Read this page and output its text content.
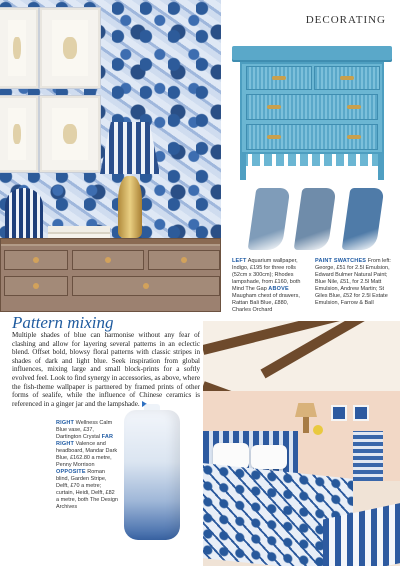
DECORATING
LEFT Aquarium wallpaper, Indigo, £195 for three rolls (52cm x 300cm); Rhodes lampshade, from £160, both Mind The Gap ABOVE Maugham chest of drawers, Rattan Bali Blue, £880, Charles Orchard
PAINT SWATCHES From left: George, £51 for 2.5l Emulsion, Edward Bulmer Natural Paint; Blue Nile, £51, for 2.5l Matt Emulsion, Andrew Martin; St Giles Blue, £52 for 2.5l Estate Emulsion, Farrow & Ball
Pattern mixing
Multiple shades of blue can harmonise without any fear of clashing and allow for layering several patterns in an eclectic blend. Offset bold, blowsy floral patterns with classic stripes in shades of dark and light blue. Seek inspiration from global influences, mixing large and small block-prints for a softly evolved feel. Look to find synergy in accessories, as above, where the fish-theme wallpaper is partnered by framed prints of other forms of sealife, while the influence of Chinese ceramics is referenced in a ginger jar and the lampshade.
RIGHT Wellness Calm Blue vase, £37, Dartington Crystal FAR RIGHT Valence and headboard, Mandar Dark Blue, £162.80 a metre, Penny Morrison OPPOSITE Roman blind, Garden Stripe, Delft, £70 a metre; curtain, Heidi, Delft, £82 a metre, both The Design Archives
